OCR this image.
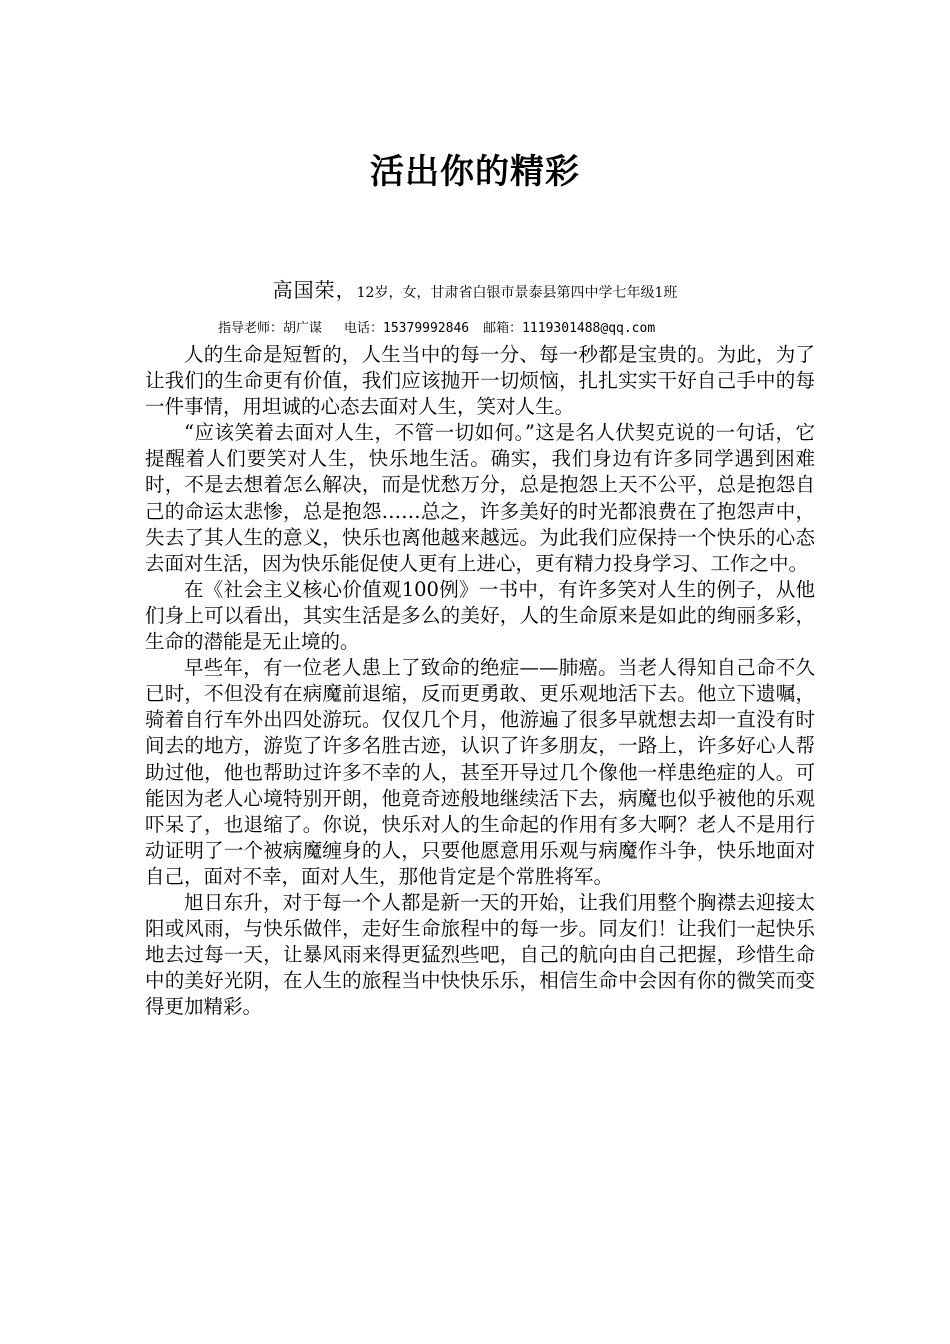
活出你的精彩
高国荣，12岁，女，甘肃省白银市景泰县第四中学七年级1班
指导老师：胡广谋 电话：15379992846 邮箱：1119301488@qq.com

人的生命是短暂的，人生当中的每一分、每一秒都是宝贵的。为此，为了让我们的生命更有价值，我们应该抛开一切烦恼，扎扎实实干好自己手中的每一件事情，用坦诚的心态去面对人生，笑对人生。

“应该笑着去面对人生，不管一切如何。”这是名人伏契克说的一句话，它提醒着人们要笑对人生，快乐地生活。确实，我们身边有许多同学遇到困难时，不是去想着怎么解决，而是忧愁万分，总是抱怨上天不公平，总是抱怨自己的命运太悲惨，总是抱怨……总之，许多美好的时光都浪费在了抱怨声中，失去了其人生的意义，快乐也离他越来越远。为此我们应保持一个快乐的心态去面对生活，因为快乐能促使人更有上进心，更有精力投身学习、工作之中。

在《社会主义核心价值观100例》一书中，有许多笑对人生的例子，从他们身上可以看出，其实生活是多么的美好，人的生命原来是如此的绚丽多彩，生命的潜能是无止境的。

早些年，有一位老人患上了致命的绝症——肺癌。当老人得知自己命不久已时，不但没有在病魔前退缩，反而更勇敢、更乐观地活下去。他立下遗嘱，骑着自行车外出四处游玩。仅仅几个月，他游遍了很多早就想去却一直没有时间去的地方，游览了许多名胜古迹，认识了许多朋友，一路上，许多好心人帮助过他，他也帮助过许多不幸的人，甚至开导过几个像他一样患绝症的人。可能因为老人心境特别开朗，他竟奇迹般地继续活下去，病魔也似乎被他的乐观吓呆了，也退缩了。你说，快乐对人的生命起的作用有多大啊？老人不是用行动证明了一个被病魔缠身的人，只要他愿意用乐观与病魔作斗争，快乐地面对自己，面对不幸，面对人生，那他肯定是个常胜将军。

旭日东升，对于每一个人都是新一天的开始，让我们用整个胸襟去迎接太阳或风雨，与快乐做伴，走好生命旅程中的每一步。同友们！让我们一起快乐地去过每一天，让暴风雨来得更猛烈些吧，自己的航向由自己把握，珍惜生命中的美好光阴，在人生的旅程当中快快乐乐，相信生命中会因有你的微笑而变得更加精彩。
